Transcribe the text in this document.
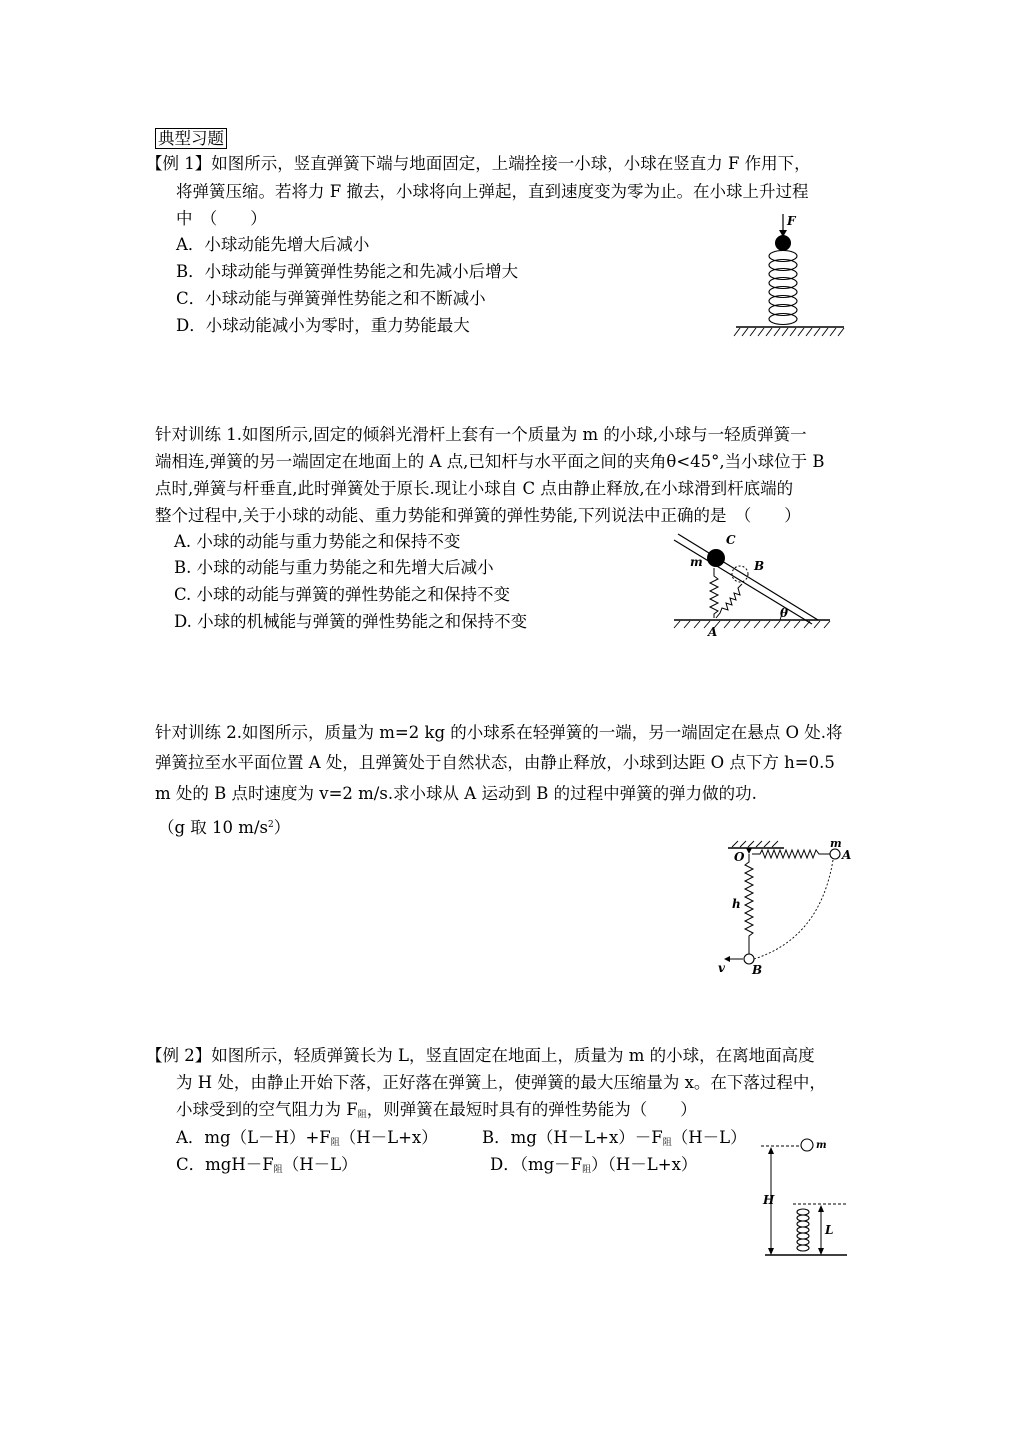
典型习题
【例 1】如图所示，竖直弹簧下端与地面固定，上端拴接一小球，小球在竖直力 F 作用下，
将弹簧压缩。若将力 F 撤去，小球将向上弹起，直到速度变为零为止。在小球上升过程
中　（　　）
A．小球动能先增大后减小
B．小球动能与弹簧弹性势能之和先减小后增大
C．小球动能与弹簧弹性势能之和不断减小
D．小球动能减小为零时，重力势能最大
F
针对训练 1.如图所示,固定的倾斜光滑杆上套有一个质量为 m 的小球,小球与一轻质弹簧一
端相连,弹簧的另一端固定在地面上的 A 点,已知杆与水平面之间的夹角θ<45°,当小球位于 B
点时,弹簧与杆垂直,此时弹簧处于原长.现让小球自 C 点由静止释放,在小球滑到杆底端的
整个过程中,关于小球的动能、重力势能和弹簧的弹性势能,下列说法中正确的是　（　　）
A. 小球的动能与重力势能之和保持不变
B. 小球的动能与重力势能之和先增大后减小
C. 小球的动能与弹簧的弹性势能之和保持不变
D. 小球的机械能与弹簧的弹性势能之和保持不变
C
B
m
θ
A
针对训练 2.如图所示，质量为 m=2 kg 的小球系在轻弹簧的一端，另一端固定在悬点 O 处.将
弹簧拉至水平面位置 A 处，且弹簧处于自然状态，由静止释放，小球到达距 O 点下方 h=0.5
m 处的 B 点时速度为 v=2 m/s.求小球从 A 运动到 B 的过程中弹簧的弹力做的功.
（g 取 10 $m/s^2$）
O
m
A
h
v B
【例 2】如图所示，轻质弹簧长为 L，竖直固定在地面上，质量为 m 的小球，在离地面高度
为 H 处，由静止开始下落，正好落在弹簧上，使弹簧的最大压缩量为 x。在下落过程中，
小球受到的空气阻力为 $F_阻$，则弹簧在最短时具有的弹性势能为（　　）
A．$mg(L-H)+F_阻(H-L+x)$	B．$mg(H-L+x)-F_阻(H-L)$
C．$mgH-F_阻(H-L)$	D．$(mg-F_阻)(H-L+x)$
m
H
L
